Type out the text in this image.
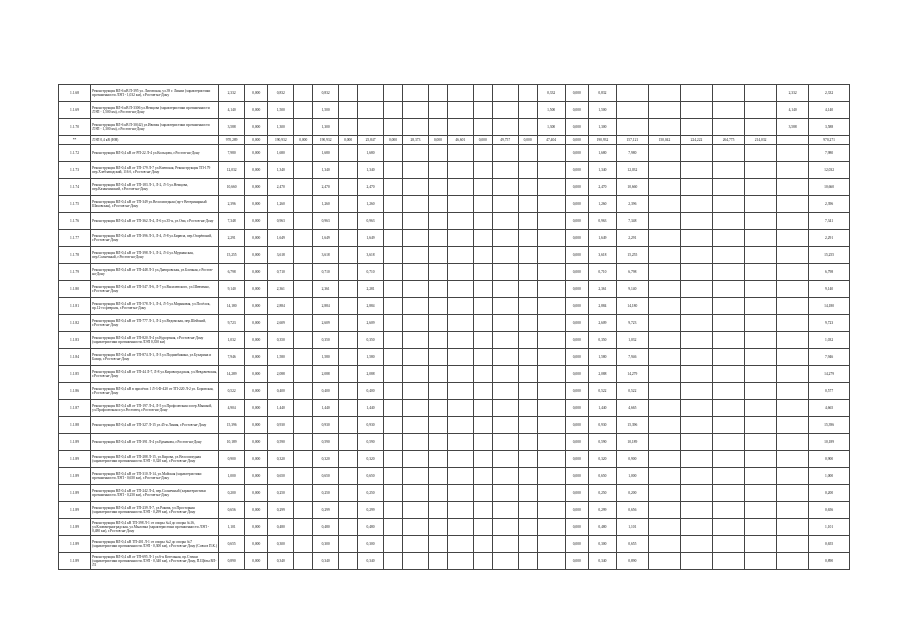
1.1.68	Реконструкция ВЛ-6 кВ П-395 ул. Лиговская, ул.39 г. Линии (характеристики протяженности ЛЭП - 1,032 км), г.Ростов-на-Дону	2,332	0,000	0,832		0,832										0,332	0,000	0,832						2,332	2,332
1.1.69	Реконструкция ВЛ-6 кВ П-3306 ул.Немцова (характеристики протяженности ЛЭП - 1,500 км), г.Ростов-на-Дону	4,140	0,000	1,500		1,500										1,500	0,000	1,500						4,140	4,140
1.1.70	Реконструкция ВЛ-6 кВ П-30(42) ул.Ивовая (характеристики протяженности ЛЭП - 1,300 км), г.Ростов-на-Дону	3,588	0,000	1,300		1,300										1,300	0,000	1,300						3,588	3,588
**	ЛЭП 0,4 кВ (НН)	970,289	0,000	190,932	0,000	190,932	0,000	25,847	0,000	28,373	0,000	46,601	0,000	49,757	0,000	47,404	0,000	190,932	157,121	150,042	224,222	264,775	214,032		970,271
1.1.72	Реконструкция ВЛ-0,4 кВ от РП-22 Л-4 ул.Кольцова, г.Ростов-на-Дону	7,980	0,000	1,680		1,680		1,680									0,000	1,680	7,980						7,980
1.1.73	Реконструкция ВЛ-0,4 кВ от ТП-179 Л-7 ул.Киевская, Реконструкция ТП-179 пер.Хлебзаводский, 116 б, г.Ростов-на-Дону	12,032	0,000	1,340		1,340		1,340									0,000	1,340	12,032						12,032
1.1.74	Реконструкция ВЛ-0,4 кВ от ТП-183 Л-1, Л-2, Л-3 ул.Немцова, пер.Казанчинский, г.Ростов-на-Дону	10,660	0,000	2,470		2,470		2,470									0,000	2,470	10,660						10,660
1.1.75	Реконструкция ВЛ-0,4 кВ от ТП-349 ул.Велосипедная (пр-т Ветеринарный Шаховская), г.Ростов-на-Дону	2,396	0,000	1,260		1,260		1,260									0,000	1,260	2,396						2,396
1.1.76	Реконструкция ВЛ-0,4 кВ от ТП-362 Л-4, Л-6 ул.35-я, ул.Очи, г.Ростов-на-Дону	7,348	0,000	0,963		0,963		0,963									0,000	0,963	7,348						7,341
1.1.77	Реконструкция ВЛ-0,4 кВ от ТП-396 Л-3, Л-4, Л-8 ул.Бирюза, пер.Огарёвский, г.Ростов-на-Дону	2,291	0,000	1,649		1,649		1,649									0,000	1,649	2,291						2,291
1.1.78	Реконструкция ВЛ-0,4 кВ от ТП-398 Л-1, Л-2, Л-4 ул.Мурманская, пер.Солнечный, г.Ростов-на-Дону	15,255	0,000	3,618		3,618		3,618									0,000	3,618	15,255						15,255
1.1.79	Реконструкция ВЛ-0,4 кВ от ТП-448 Л-3 ул.Днепровская, ул.Блочная, г.Ростов-на-Дону	6,798	0,000	0,710		0,710		0,710									0,000	0,710	6,798						6,798
1.1.80	Реконструкция ВЛ-0,4 кВ от ТП-547 Л-6, Л-7 ул.Василевского, ул.Шевченко, г.Ростов-на-Дону	9,140	0,000	2,361		2,361		2,281									0,000	2,361	9,140						9,140
1.1.81	Реконструкция ВЛ-0,4 кВ от ТП-578 Л-1, Л-4, Л-5 ул.Моряковая, ул.Посёлок, пр.12-го февраля, г.Ростов-на-Дону	14,180	0,000	2,884		2,884		2,884									0,000	2,884	14,180						14,180
1.1.82	Реконструкция ВЛ-0,4 кВ от ТП-777 Л-1, Л-2 ул.Ведомская, пер.Шейский, г.Ростов-на-Дону	9,723	0,000	2,609		2,609		2,609									0,000	2,609	9,723						9,723
1.1.83	Реконструкция ВЛ-0,4 кВ от ТП-820 Л-4 ул.Курортная, г.Ростов-на-Дону (характеристики протяженности ЛЭП 0,350 км)	1,032	0,000	0,350		0,350		0,350									0,000	0,350	1,032						1,032
1.1.84	Реконструкция ВЛ-0,4 кВ от ТП-874 Л-1, Л-3 ул.Подшибякина, ул.Бухарина и Бахир, г.Ростов-на-Дону	7,946	0,000	1,580		1,580		1,580									0,000	1,580	7,946						7,946
1.1.85	Реконструкция ВЛ-0,4 кВ от ТП-44 Л-7, Л-8 ул.Кировоградская, ул.Невдачевская, г.Ростов-на-Дону	14,289	0,000	2,088		2,088		2,088									0,000	2,088	14,279						14,279
1.1.86	Реконструкция ВЛ-0,4 кВ в пролётах 1 Л-3 Ф-420 от ТП-220 Л-2 ул. Боровская, г.Ростов-на-Дону	0,522	0,000	0,400		0,400		0,400									0,000	0,522	0,522						0,577
1.1.87	Реконструкция ВЛ-0,4 кВ от ТП-197 Л-4, Л-5 ул.Профсоюзная и пер.Мышкой, ул.Профсоюзная и ул.Ростовец, г.Ростов-на-Дону	4,904	0,000	1,440		1,440		1,440									0,000	1,440	4,665						4,665
1.1.88	Реконструкция ВЛ-0,4 кВ от ТП-327 Л-15 ул.45-я Линия, г.Ростов-на-Дону	15,396	0,000	0,930		0,930		0,930									0,000	0,930	15,396						15,396
1.1.89	Реконструкция ВЛ-0,4 кВ от ТП-391 Л-4 ул.Ермакова, г.Ростов-на-Дону	10,189	0,000	0,590		0,590		0,590									0,000	0,590	10,189						10,189
1.1.89	Реконструкция ВЛ-0,4 кВ от ТП-288 Л-15, ул.Кирова, ул.Велосипедная (характеристики протяженности ЛЭП - 0,320 км), г.Ростов-на-Дону	0,900	0,000	0,320		0,320		0,320									0,000	0,320	0,900						0,900
1.1.89	Реконструкция ВЛ-0,4 кВ от ТП-310 Л-14, ул.Майская (характеристики протяженности ЛЭП - 0,650 км), г.Ростов-на-Дону	1,000	0,000	0,650		0,650		0,650									0,000	0,650	1,000						1,000
1.1.89	Реконструкция ВЛ-0,4 кВ от ТП-242 Л-4, пер.Солнечный (характеристики протяженности ЛЭП - 0,250 км), г.Ростов-на-Дону	0,200	0,000	0,250		0,250		0,250									0,000	0,250	0,200						0,200
1.1.89	Реконструкция ВЛ-0,4 кВ от ТП-239 Л-7, ул.Ракова, ул.Просторная (характеристики протяженности ЛЭП - 0,299 км), г.Ростов-на-Дону	0,656	0,000	0,299		0,299		0,299									0,000	0,299	0,656						0,656
1.1.89	Реконструкция ВЛ-0,4 кВ ТП-398 Л-1 от опоры №4 до опоры №16, ул.Кловачерноградская, ул.Мыловка (характеристики протяженности ЛЭП - 0,480 км), г.Ростов-на-Дону	1,101	0,000	0,480		0,480		0,480									0,000	0,480	1,101						1,101
1.1.89	Реконструкция ВЛ-0,4 кВ ТП-401 Л-1 от опоры №2 до опоры №7 (характеристики протяженности ЛЭП - 0,300 км), г.Ростов-на-Дону (Совхоз П.К.)	0,655	0,000	0,300		0,300		0,300									0,000	0,300	0,655						0,655
1.1.89	Реконструкция ВЛ-0,4 кВ от ТП-695 Л-1 ул.6-я Котельная, пр.Стачки (характеристики протяженности ЛЭП - 0,340 км), г.Ростов-на-Дону, П.Щёлы ВЛ-Л1	0,890	0,000	0,340		0,340		0,340									0,000	0,340	0,890						0,890
